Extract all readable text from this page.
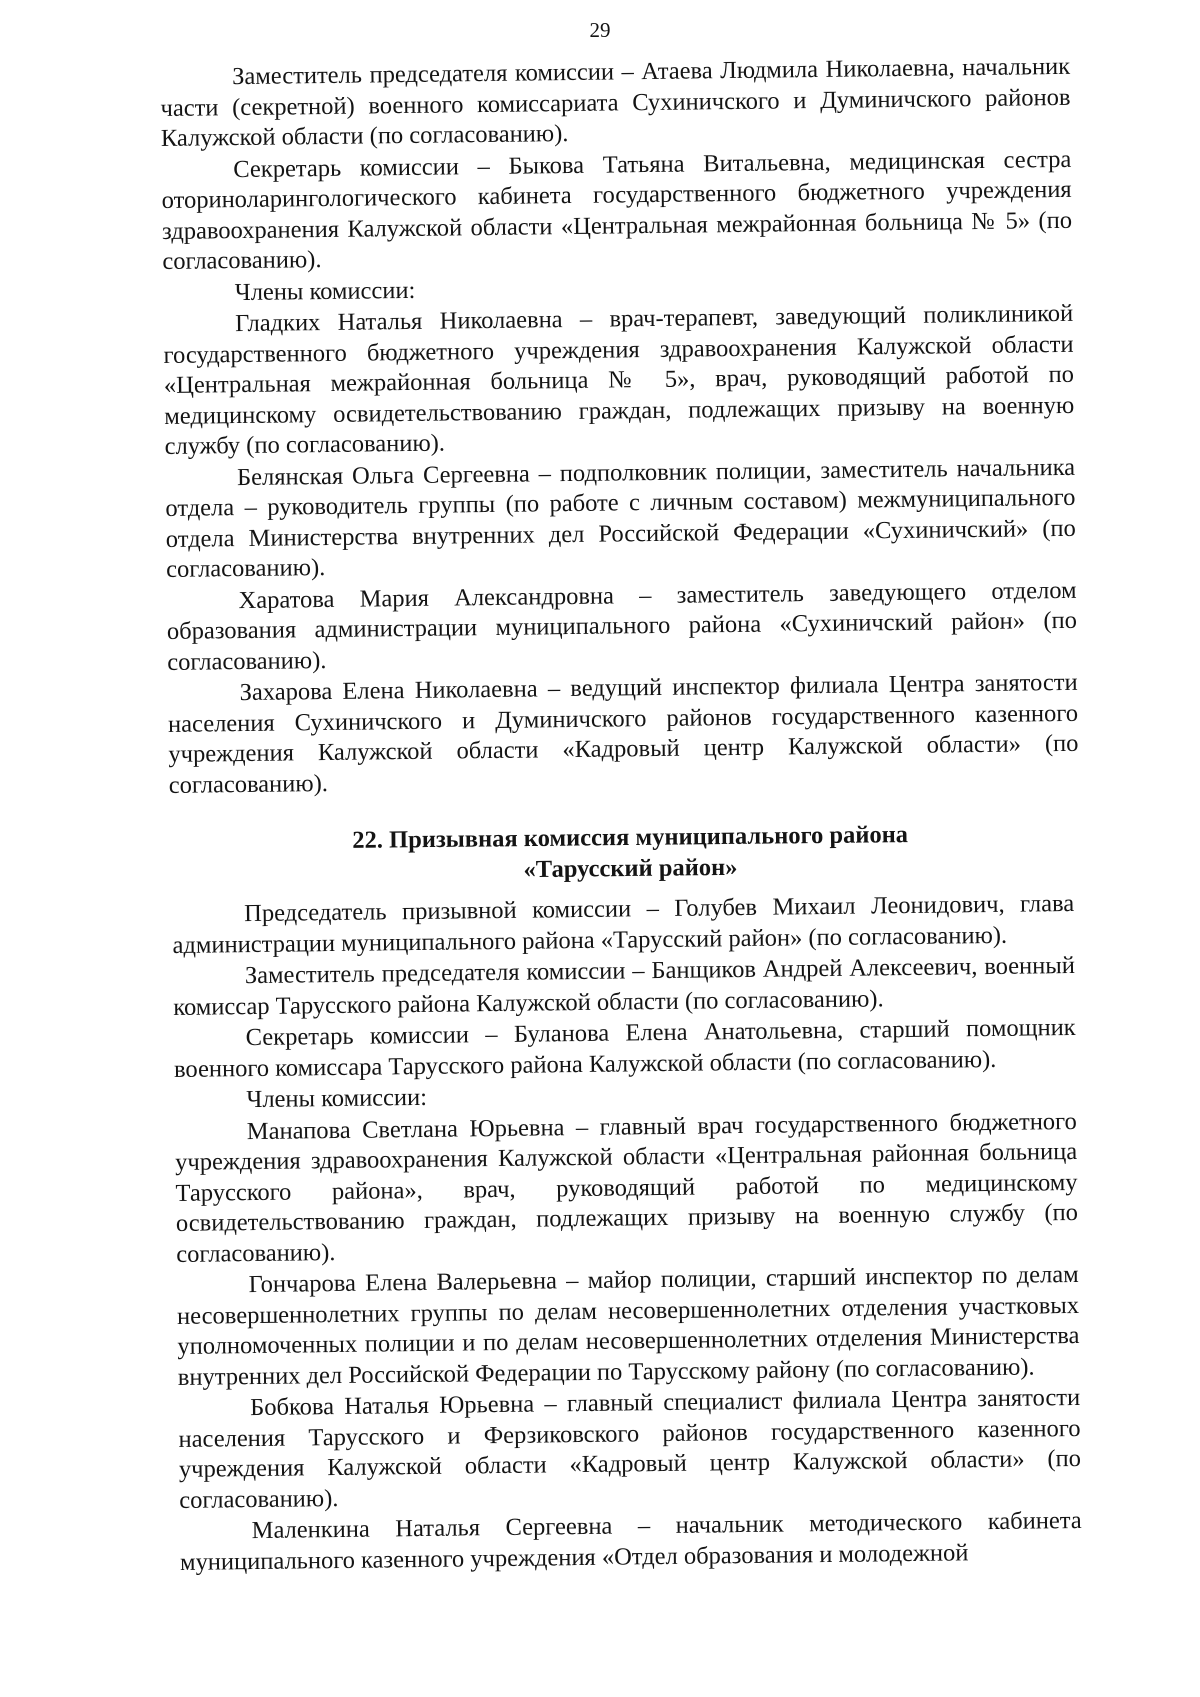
29

Заместитель председателя комиссии – Атаева Людмила Николаевна, начальник части (секретной) военного комиссариата Сухиничского и Думиничского районов Калужской области (по согласованию).

Секретарь комиссии – Быкова Татьяна Витальевна, медицинская сестра оториноларингологического кабинета государственного бюджетного учреждения здравоохранения Калужской области «Центральная межрайонная больница № 5» (по согласованию).

Члены комиссии:

Гладких Наталья Николаевна – врач-терапевт, заведующий поликлиникой государственного бюджетного учреждения здравоохранения Калужской области «Центральная межрайонная больница № 5», врач, руководящий работой по медицинскому освидетельствованию граждан, подлежащих призыву на военную службу (по согласованию).

Белянская Ольга Сергеевна – подполковник полиции, заместитель начальника отдела – руководитель группы (по работе с личным составом) межмуниципального отдела Министерства внутренних дел Российской Федерации «Сухиничский» (по согласованию).

Харатова Мария Александровна – заместитель заведующего отделом образования администрации муниципального района «Сухиничский район» (по согласованию).

Захарова Елена Николаевна – ведущий инспектор филиала Центра занятости населения Сухиничского и Думиничского районов государственного казенного учреждения Калужской области «Кадровый центр Калужской области» (по согласованию).

22. Призывная комиссия муниципального района
«Тарусский район»

Председатель призывной комиссии – Голубев Михаил Леонидович, глава администрации муниципального района «Тарусский район» (по согласованию).

Заместитель председателя комиссии – Банщиков Андрей Алексеевич, военный комиссар Тарусского района Калужской области (по согласованию).

Секретарь комиссии – Буланова Елена Анатольевна, старший помощник военного комиссара Тарусского района Калужской области (по согласованию).

Члены комиссии:

Манапова Светлана Юрьевна – главный врач государственного бюджетного учреждения здравоохранения Калужской области «Центральная районная больница Тарусского района», врач, руководящий работой по медицинскому освидетельствованию граждан, подлежащих призыву на военную службу (по согласованию).

Гончарова Елена Валерьевна – майор полиции, старший инспектор по делам несовершеннолетних группы по делам несовершеннолетних отделения участковых уполномоченных полиции и по делам несовершеннолетних отделения Министерства внутренних дел Российской Федерации по Тарусскому району (по согласованию).

Бобкова Наталья Юрьевна – главный специалист филиала Центра занятости населения Тарусского и Ферзиковского районов государственного казенного учреждения Калужской области «Кадровый центр Калужской области» (по согласованию).

Маленкина Наталья Сергеевна – начальник методического кабинета муниципального казенного учреждения «Отдел образования и молодежной
